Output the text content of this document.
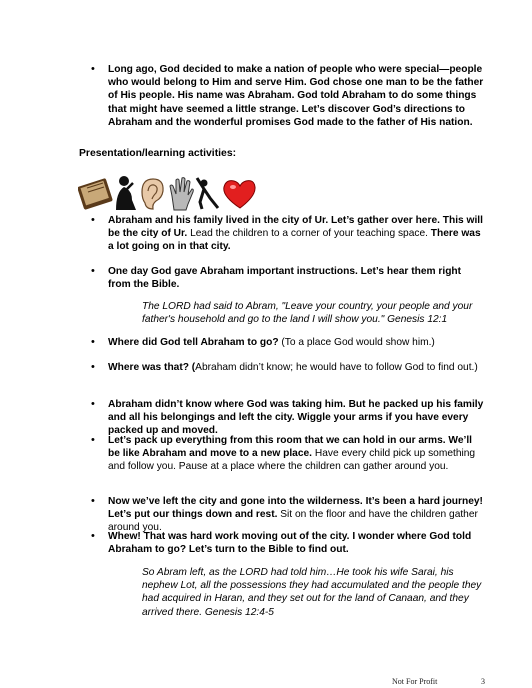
• Long ago, God decided to make a nation of people who were special—people who would belong to Him and serve Him. God chose one man to be the father of His people. His name was Abraham. God told Abraham to do some things that might have seemed a little strange. Let’s discover God’s directions to Abraham and the wonderful promises God made to the father of His nation.
Presentation/learning activities:
• Abraham and his family lived in the city of Ur. Let’s gather over here. This will be the city of Ur. Lead the children to a corner of your teaching space. There was a lot going on in that city.
• One day God gave Abraham important instructions. Let’s hear them right from the Bible.
The LORD had said to Abram, "Leave your country, your people and your father's household and go to the land I will show you." Genesis 12:1
• Where did God tell Abraham to go? (To a place God would show him.)
• Where was that? (Abraham didn’t know; he would have to follow God to find out.)
• Abraham didn’t know where God was taking him. But he packed up his family and all his belongings and left the city. Wiggle your arms if you have every packed up and moved.
• Let’s pack up everything from this room that we can hold in our arms. We’ll be like Abraham and move to a new place. Have every child pick up something and follow you. Pause at a place where the children can gather around you.
• Now we’ve left the city and gone into the wilderness. It’s been a hard journey! Let’s put our things down and rest. Sit on the floor and have the children gather around you.
• Whew! That was hard work moving out of the city. I wonder where God told Abraham to go? Let’s turn to the Bible to find out.
So Abram left, as the LORD had told him…He took his wife Sarai, his nephew Lot, all the possessions they had accumulated and the people they had acquired in Haran, and they set out for the land of Canaan, and they arrived there. Genesis 12:4-5
Not For Profit	3
